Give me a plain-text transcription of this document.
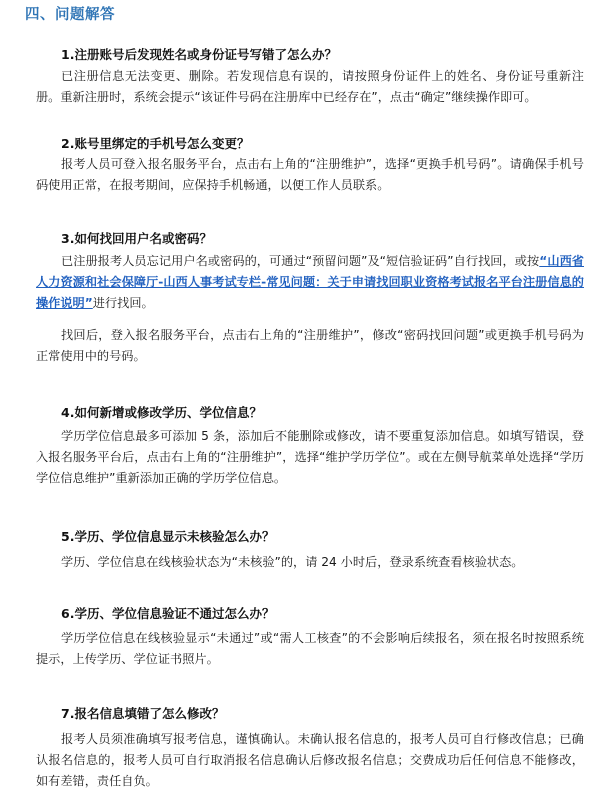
四、问题解答
1.注册账号后发现姓名或身份证号写错了怎么办？
已注册信息无法变更、删除。若发现信息有误的，请按照身份证件上的姓名、身份证号重新注册。重新注册时，系统会提示“该证件号码在注册库中已经存在”，点击“确定”继续操作即可。
2.账号里绑定的手机号怎么变更？
报考人员可登入报名服务平台，点击右上角的“注册维护”，选择“更换手机号码”。请确保手机号码使用正常，在报考期间，应保持手机畅通，以便工作人员联系。
3.如何找回用户名或密码？
已注册报考人员忘记用户名或密码的，可通过“预留问题”及“短信验证码”自行找回，或按“山西省人力资源和社会保障厅-山西人事考试专栏-常见问题：关于申请找回职业资格考试报名平台注册信息的操作说明”进行找回。
找回后，登入报名服务平台，点击右上角的“注册维护”，修改“密码找回问题”或更换手机号码为正常使用中的号码。
4.如何新增或修改学历、学位信息？
学历学位信息最多可添加 5 条，添加后不能删除或修改，请不要重复添加信息。如填写错误，登入报名服务平台后，点击右上角的“注册维护”，选择“维护学历学位”。或在左侧导航菜单处选择“学历学位信息维护”重新添加正确的学历学位信息。
5.学历、学位信息显示未核验怎么办？
学历、学位信息在线核验状态为“未核验”的，请 24 小时后，登录系统查看核验状态。
6.学历、学位信息验证不通过怎么办？
学历学位信息在线核验显示“未通过”或“需人工核查”的不会影响后续报名，须在报名时按照系统提示，上传学历、学位证书照片。
7.报名信息填错了怎么修改？
报考人员须准确填写报考信息，谨慎确认。未确认报名信息的，报考人员可自行修改信息；已确认报名信息的，报考人员可自行取消报名信息确认后修改报名信息；交费成功后任何信息不能修改，如有差错，责任自负。
